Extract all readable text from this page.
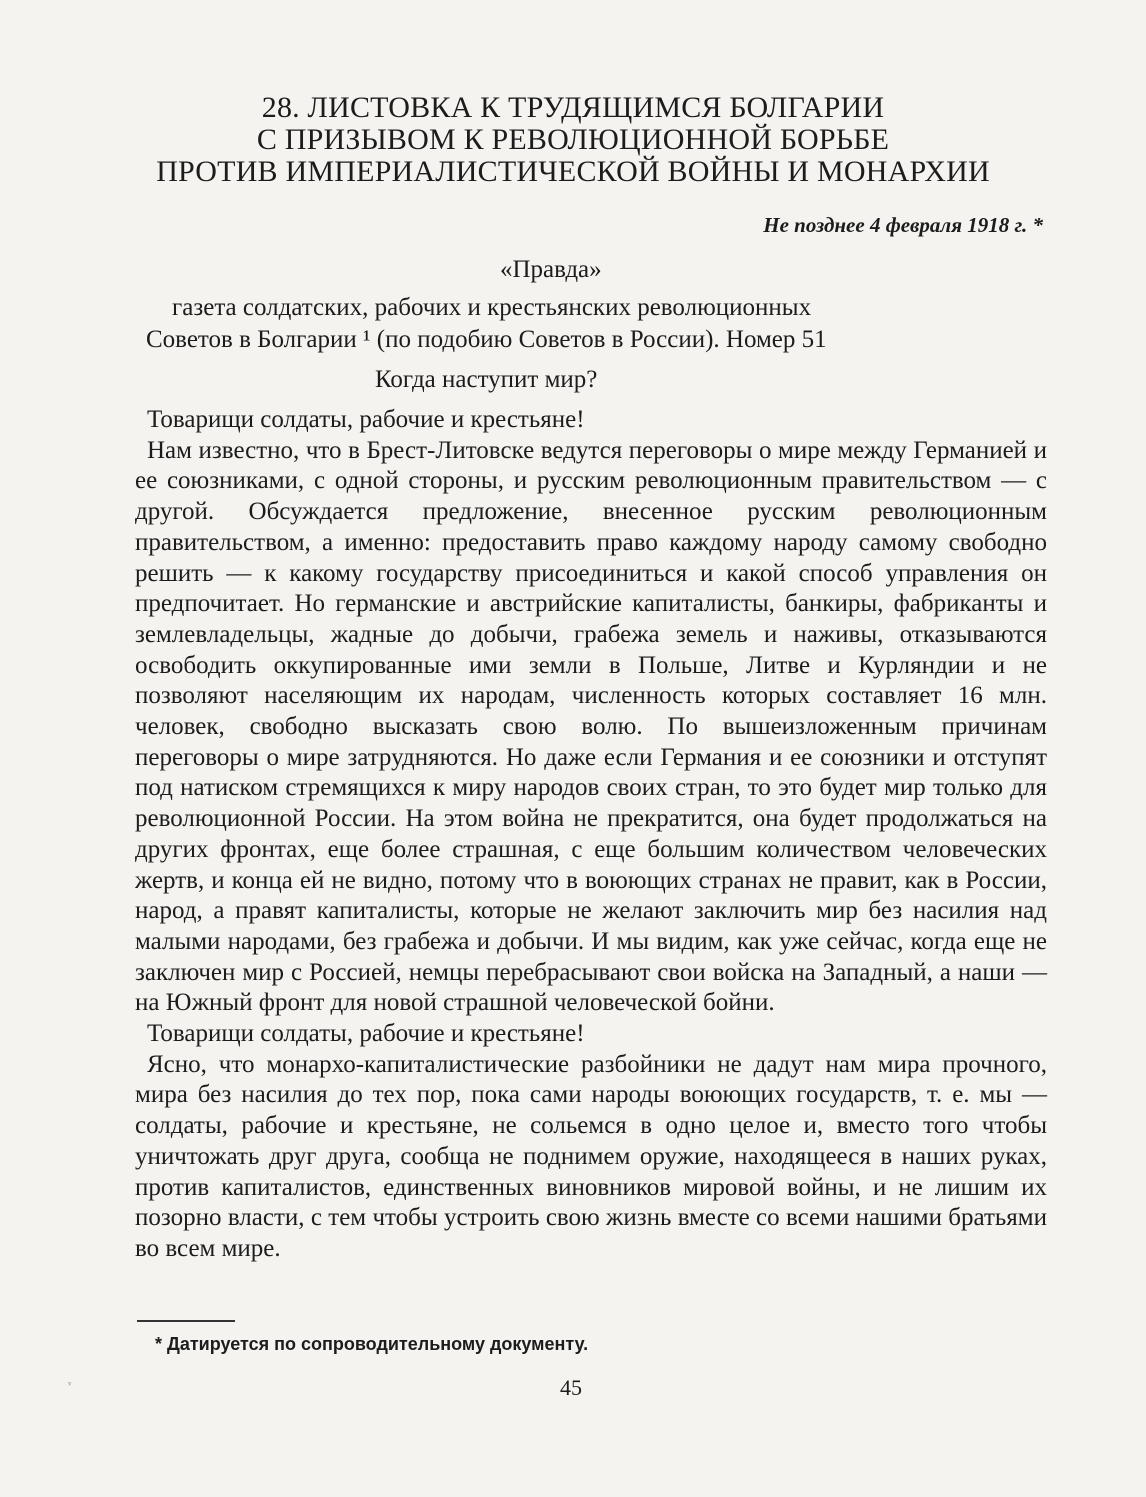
28. ЛИСТОВКА К ТРУДЯЩИМСЯ БОЛГАРИИ
С ПРИЗЫВОМ К РЕВОЛЮЦИОННОЙ БОРЬБЕ
ПРОТИВ ИМПЕРИАЛИСТИЧЕСКОЙ ВОЙНЫ И МОНАРХИИ
Не позднее 4 февраля 1918 г. *
«Правда»
газета солдатских, рабочих и крестьянских революционных
Советов в Болгарии ¹ (по подобию Советов в России). Номер 51
Когда наступит мир?

Товарищи солдаты, рабочие и крестьяне!

Нам известно, что в Брест-Литовске ведутся переговоры о мире между Германией и ее союзниками, с одной стороны, и русским революционным правительством — с другой. Обсуждается предложение, внесенное русским революционным правительством, а именно: предоставить право каждому народу самому свободно решить — к какому государству присоединиться и какой способ управления он предпочитает. Но германские и австрийские капиталисты, банкиры, фабриканты и землевладельцы, жадные до добычи, грабежа земель и наживы, отказываются освободить оккупированные ими земли в Польше, Литве и Курляндии и не позволяют населяющим их народам, численность которых составляет 16 млн. человек, свободно высказать свою волю. По вышеизложенным причинам переговоры о мире затрудняются. Но даже если Германия и ее союзники и отступят под натиском стремящихся к миру народов своих стран, то это будет мир только для революционной России. На этом война не прекратится, она будет продолжаться на других фронтах, еще более страшная, с еще большим количеством человеческих жертв, и конца ей не видно, потому что в воюющих странах не правит, как в России, народ, а правят капиталисты, которые не желают заключить мир без насилия над малыми народами, без грабежа и добычи. И мы видим, как уже сейчас, когда еще не заключен мир с Россией, немцы перебрасывают свои войска на Западный, а наши — на Южный фронт для новой страшной человеческой бойни.

Товарищи солдаты, рабочие и крестьяне!

Ясно, что монархо-капиталистические разбойники не дадут нам мира прочного, мира без насилия до тех пор, пока сами народы воюющих государств, т. е. мы — солдаты, рабочие и крестьяне, не сольемся в одно целое и, вместо того чтобы уничтожать друг друга, сообща не поднимем оружие, находящееся в наших руках, против капиталистов, единственных виновников мировой войны, и не лишим их позорно власти, с тем чтобы устроить свою жизнь вместе со всеми нашими братьями во всем мире.

* Датируется по сопроводительному документу.
45
ᵛ
